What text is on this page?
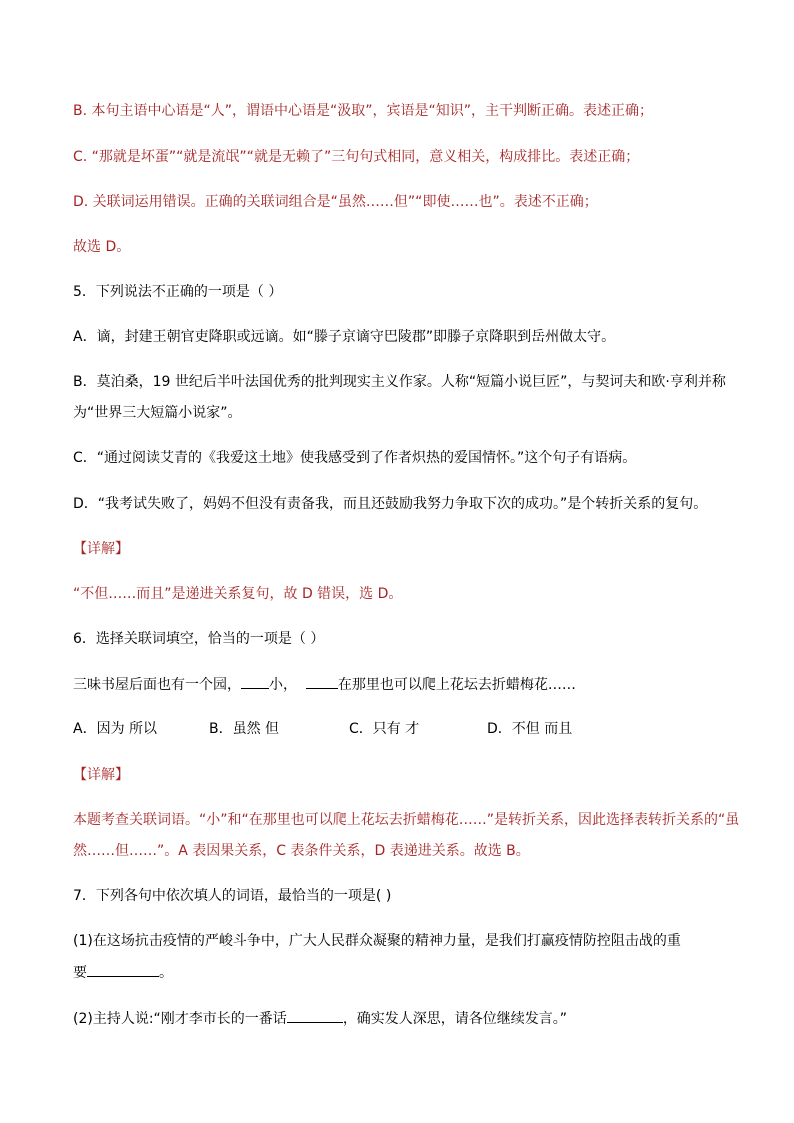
B. 本句主语中心语是“人”，谓语中心语是“汲取”，宾语是“知识”，主干判断正确。表述正确；

C. “那就是坏蛋”“就是流氓”“就是无赖了”三句句式相同，意义相关，构成排比。表述正确；

D. 关联词运用错误。正确的关联词组合是“虽然……但”“即使……也”。表述不正确；

故选 D。

5．下列说法不正确的一项是（ ）

A．谪，封建王朝官吏降职或远谪。如“滕子京谪守巴陵郡”即滕子京降职到岳州做太守。

B．莫泊桑，19 世纪后半叶法国优秀的批判现实主义作家。人称“短篇小说巨匠”，与契诃夫和欧·亨利并称

为“世界三大短篇小说家”。

C．“通过阅读艾青的《我爱这土地》使我感受到了作者炽热的爱国情怀。”这个句子有语病。

D．“我考试失败了，妈妈不但没有责备我，而且还鼓励我努力争取下次的成功。”是个转折关系的复句。

【详解】

“不但……而且”是递进关系复句，故 D 错误，选 D。

6．选择关联词填空，恰当的一项是（ ）

三味书屋后面也有一个园， 小，	在那里也可以爬上花坛去折蜡梅花……

A．因为 所以	B．虽然 但	C．只有 才	D．不但 而且

【详解】

本题考查关联词语。“小”和“在那里也可以爬上花坛去折蜡梅花……”是转折关系，因此选择表转折关系的“虽

然……但……”。A 表因果关系，C 表条件关系，D 表递进关系。故选 B。

7．下列各句中依次填人的词语，最恰当的一项是( )

(1)在这场抗击疫情的严峻斗争中，广大人民群众凝聚的精神力量，是我们打赢疫情防控阻击战的重

要	。

(2)主持人说:“刚才李市长的一番话	，确实发人深思，请各位继续发言。”
